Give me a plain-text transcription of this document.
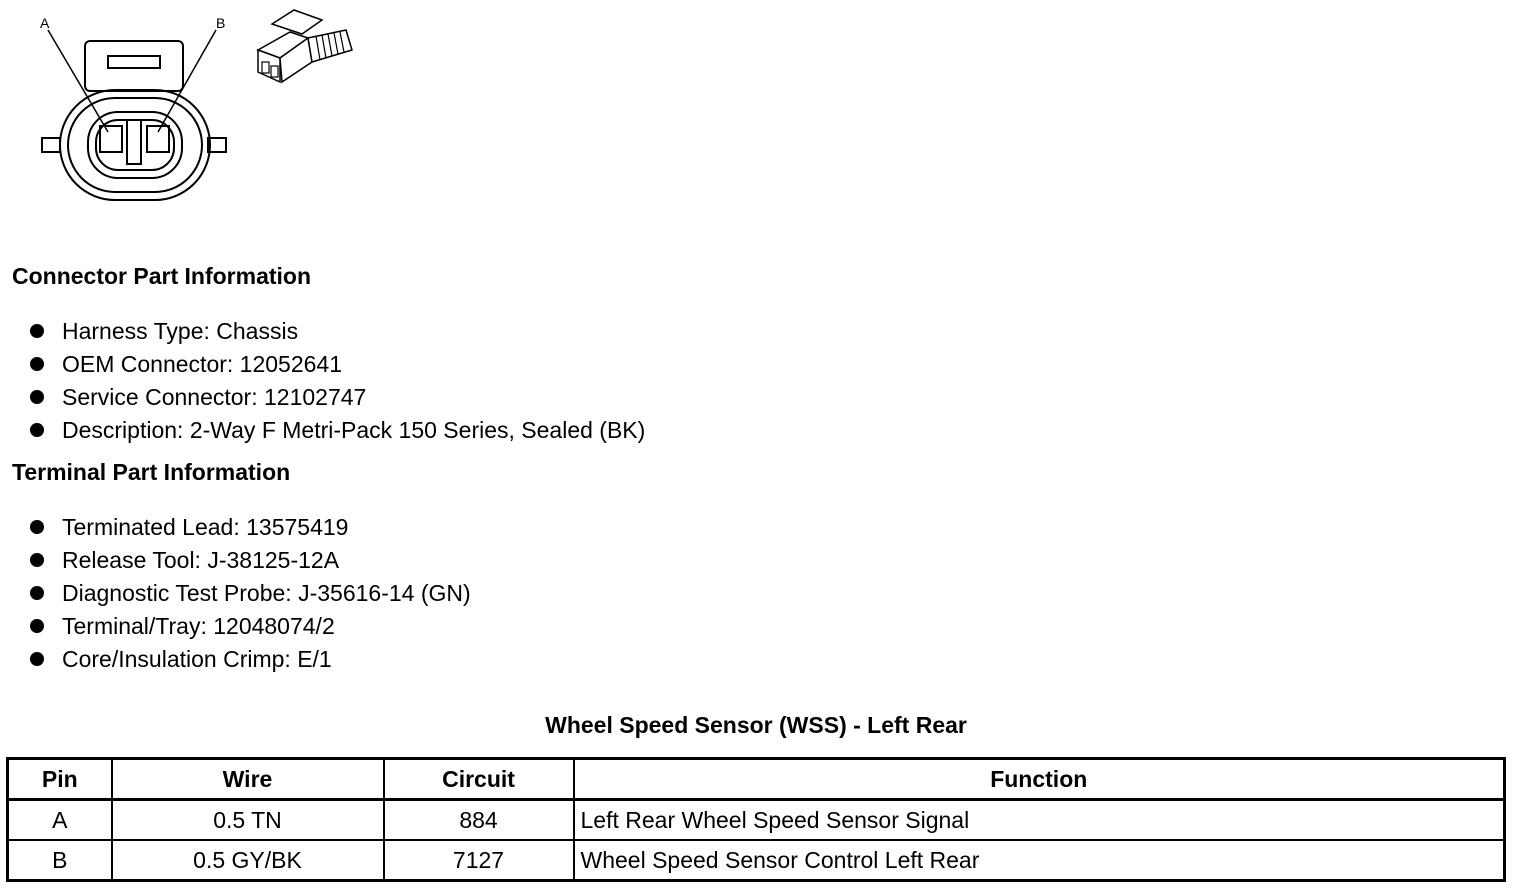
A	B
Connector Part Information
Harness Type: Chassis
OEM Connector: 12052641
Service Connector: 12102747
Description: 2-Way F Metri-Pack 150 Series, Sealed (BK)
Terminal Part Information
Terminated Lead: 13575419
Release Tool: J-38125-12A
Diagnostic Test Probe: J-35616-14 (GN)
Terminal/Tray: 12048074/2
Core/Insulation Crimp: E/1
Wheel Speed Sensor (WSS) - Left Rear
Pin	Wire	Circuit	Function
A	0.5 TN	884	Left Rear Wheel Speed Sensor Signal
B	0.5 GY/BK	7127	Wheel Speed Sensor Control Left Rear
